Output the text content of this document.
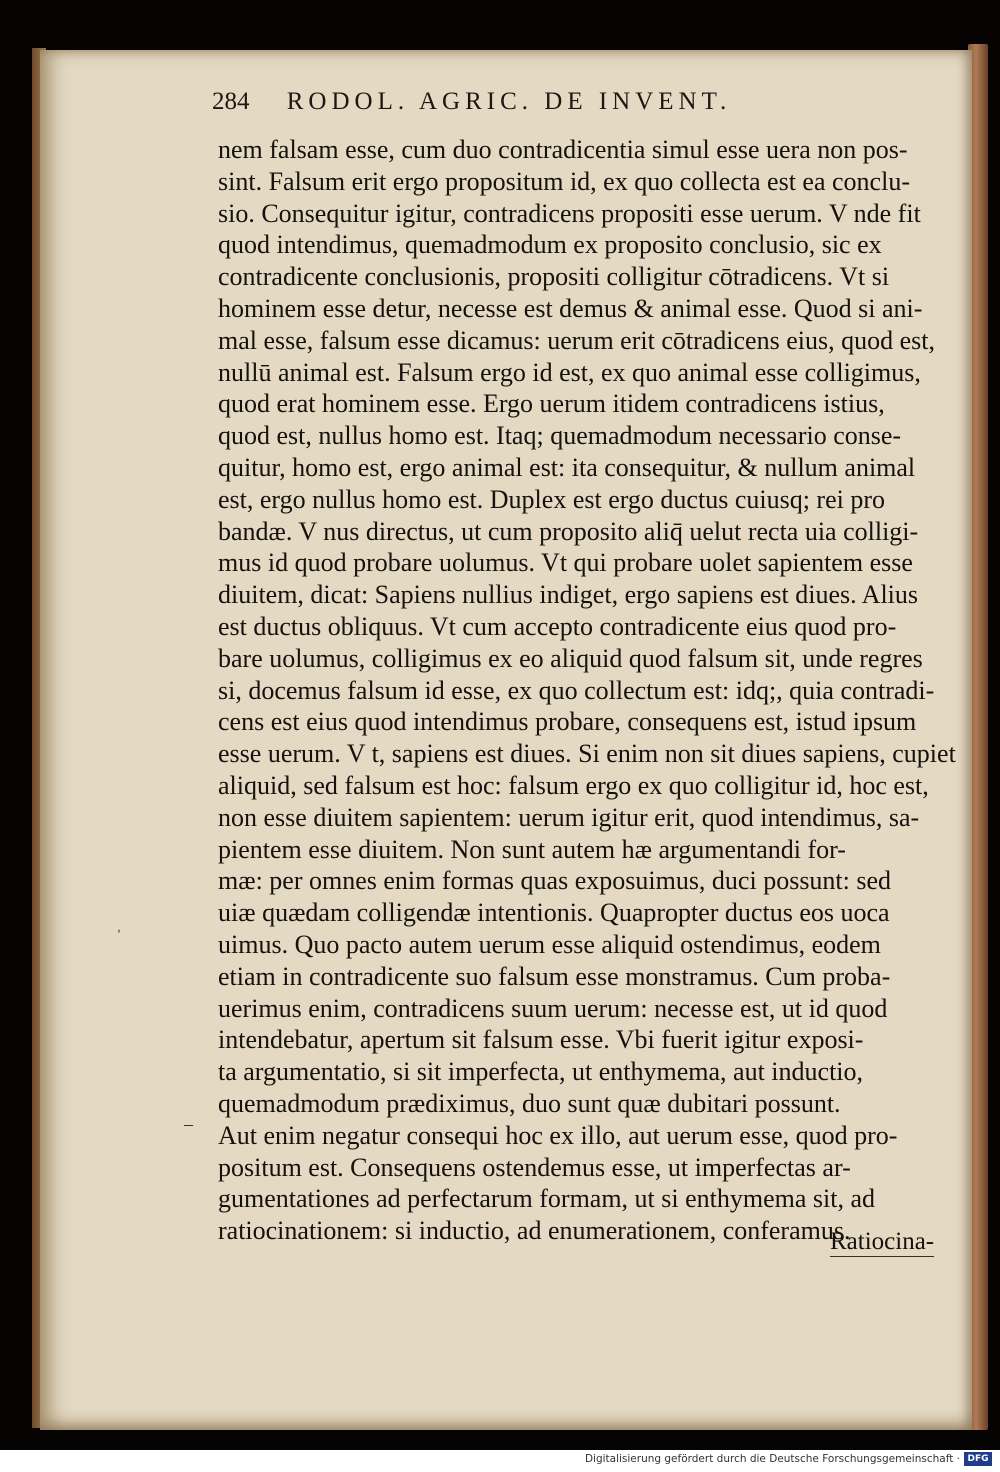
284 RODOL. AGRIC. DE INVENT.
nem falsam esse, cum duo contradicentia simul esse uera non pos-
sint. Falsum erit ergo propositum id, ex quo collecta est ea conclu-
sio. Consequitur igitur, contradicens propositi esse uerum. V nde fit
quod intendimus, quemadmodum ex proposito conclusio, sic ex
contradicente conclusionis, propositi colligitur cōtradicens. Vt si
hominem esse detur, necesse est demus & animal esse. Quod si ani-
mal esse, falsum esse dicamus: uerum erit cōtradicens eius, quod est,
nullū animal est. Falsum ergo id est, ex quo animal esse colligimus,
quod erat hominem esse. Ergo uerum itidem contradicens istius,
quod est, nullus homo est. Itaq; quemadmodum necessario conse-
quitur, homo est, ergo animal est: ita consequitur, & nullum animal
est, ergo nullus homo est. Duplex est ergo ductus cuiusq; rei pro
bandæ. V nus directus, ut cum proposito aliq̄ uelut recta uia colligi-
mus id quod probare uolumus. Vt qui probare uolet sapientem esse
diuitem, dicat: Sapiens nullius indiget, ergo sapiens est diues. Alius
est ductus obliquus. Vt cum accepto contradicente eius quod pro-
bare uolumus, colligimus ex eo aliquid quod falsum sit, unde regres
si, docemus falsum id esse, ex quo collectum est: idq;, quia contradi-
cens est eius quod intendimus probare, consequens est, istud ipsum
esse uerum. V t, sapiens est diues. Si enim non sit diues sapiens, cupiet
aliquid, sed falsum est hoc: falsum ergo ex quo colligitur id, hoc est,
non esse diuitem sapientem: uerum igitur erit, quod intendimus, sa-
pientem esse diuitem. Non sunt autem hæ argumentandi for-
mæ: per omnes enim formas quas exposuimus, duci possunt: sed
uiæ quædam colligendæ intentionis. Quapropter ductus eos uoca
uimus. Quo pacto autem uerum esse aliquid ostendimus, eodem
etiam in contradicente suo falsum esse monstramus. Cum proba-
uerimus enim, contradicens suum uerum: necesse est, ut id quod
intendebatur, apertum sit falsum esse. Vbi fuerit igitur exposi-
ta argumentatio, si sit imperfecta, ut enthymema, aut inductio,
quemadmodum prædiximus, duo sunt quæ dubitari possunt.
Aut enim negatur consequi hoc ex illo, aut uerum esse, quod pro-
positum est. Consequens ostendemus esse, ut imperfectas ar-
gumentationes ad perfectarum formam, ut si enthymema sit, ad
ratiocinationem: si inductio, ad enumerationem, conferamus.
ˈ
–
Ratiocina-
Digitalisierung gefördert durch die Deutsche Forschungsgemeinschaft · DFG
